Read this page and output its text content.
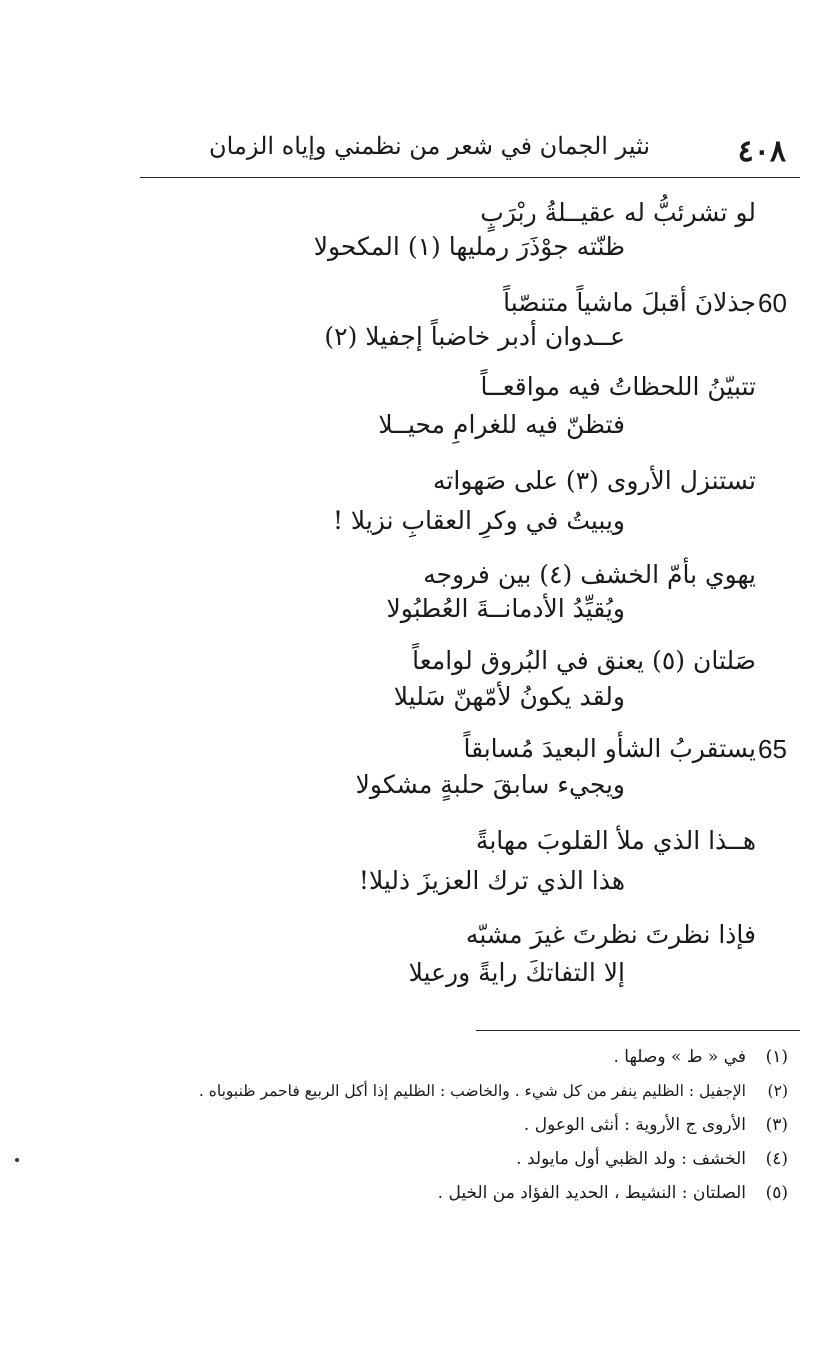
٤٠٨
نثير الجمان في شعر من نظمني وإياه الزمان
لو تشرئبُّ له عقيــلةُ ربْرَبٍ
ظنّته جوْذَرَ رمليها (١) المكحولا
60
جذلانَ أقبلَ ماشياً متنصّباً
عــدوان أدبر خاضباً إجفيلا (٢)
تتبيّنُ اللحظاتُ فيه مواقعــاً
فتظنّ فيه للغرامِ محيــلا
تستنزل الأروى (٣) على صَهواته
ويبيتُ في وكرِ العقابِ نزيلا !
يهوي بأمّ الخشف (٤) بين فروجه
ويُقيِّدُ الأدمانــةَ العُطبُولا
صَلتان (٥) يعنق في البُروق لوامعاً
ولقد يكونُ لأمّهنّ سَليلا
65
يستقربُ الشأو البعيدَ مُسابقاً
ويجيء سابقَ حلبةٍ مشكولا
هــذا الذي ملأ القلوبَ مهابةً
هذا الذي ترك العزيزَ ذليلا!
فإذا نظرتَ نظرتَ غيرَ مشبّه
إلا التفاتكَ رايةً ورعيلا
(١)في « ط » وصلها .
(٢)الإجفيل : الظليم ينفر من كل شيء . والخاضب : الظليم إذا أكل الربيع فاحمر ظنبوباه .
(٣)الأروى ج الأروية : أنثى الوعول .
(٤)الخشف : ولد الظبي أول مايولد .
(٥)الصلتان : النشيط ، الحديد الفؤاد من الخيل .
